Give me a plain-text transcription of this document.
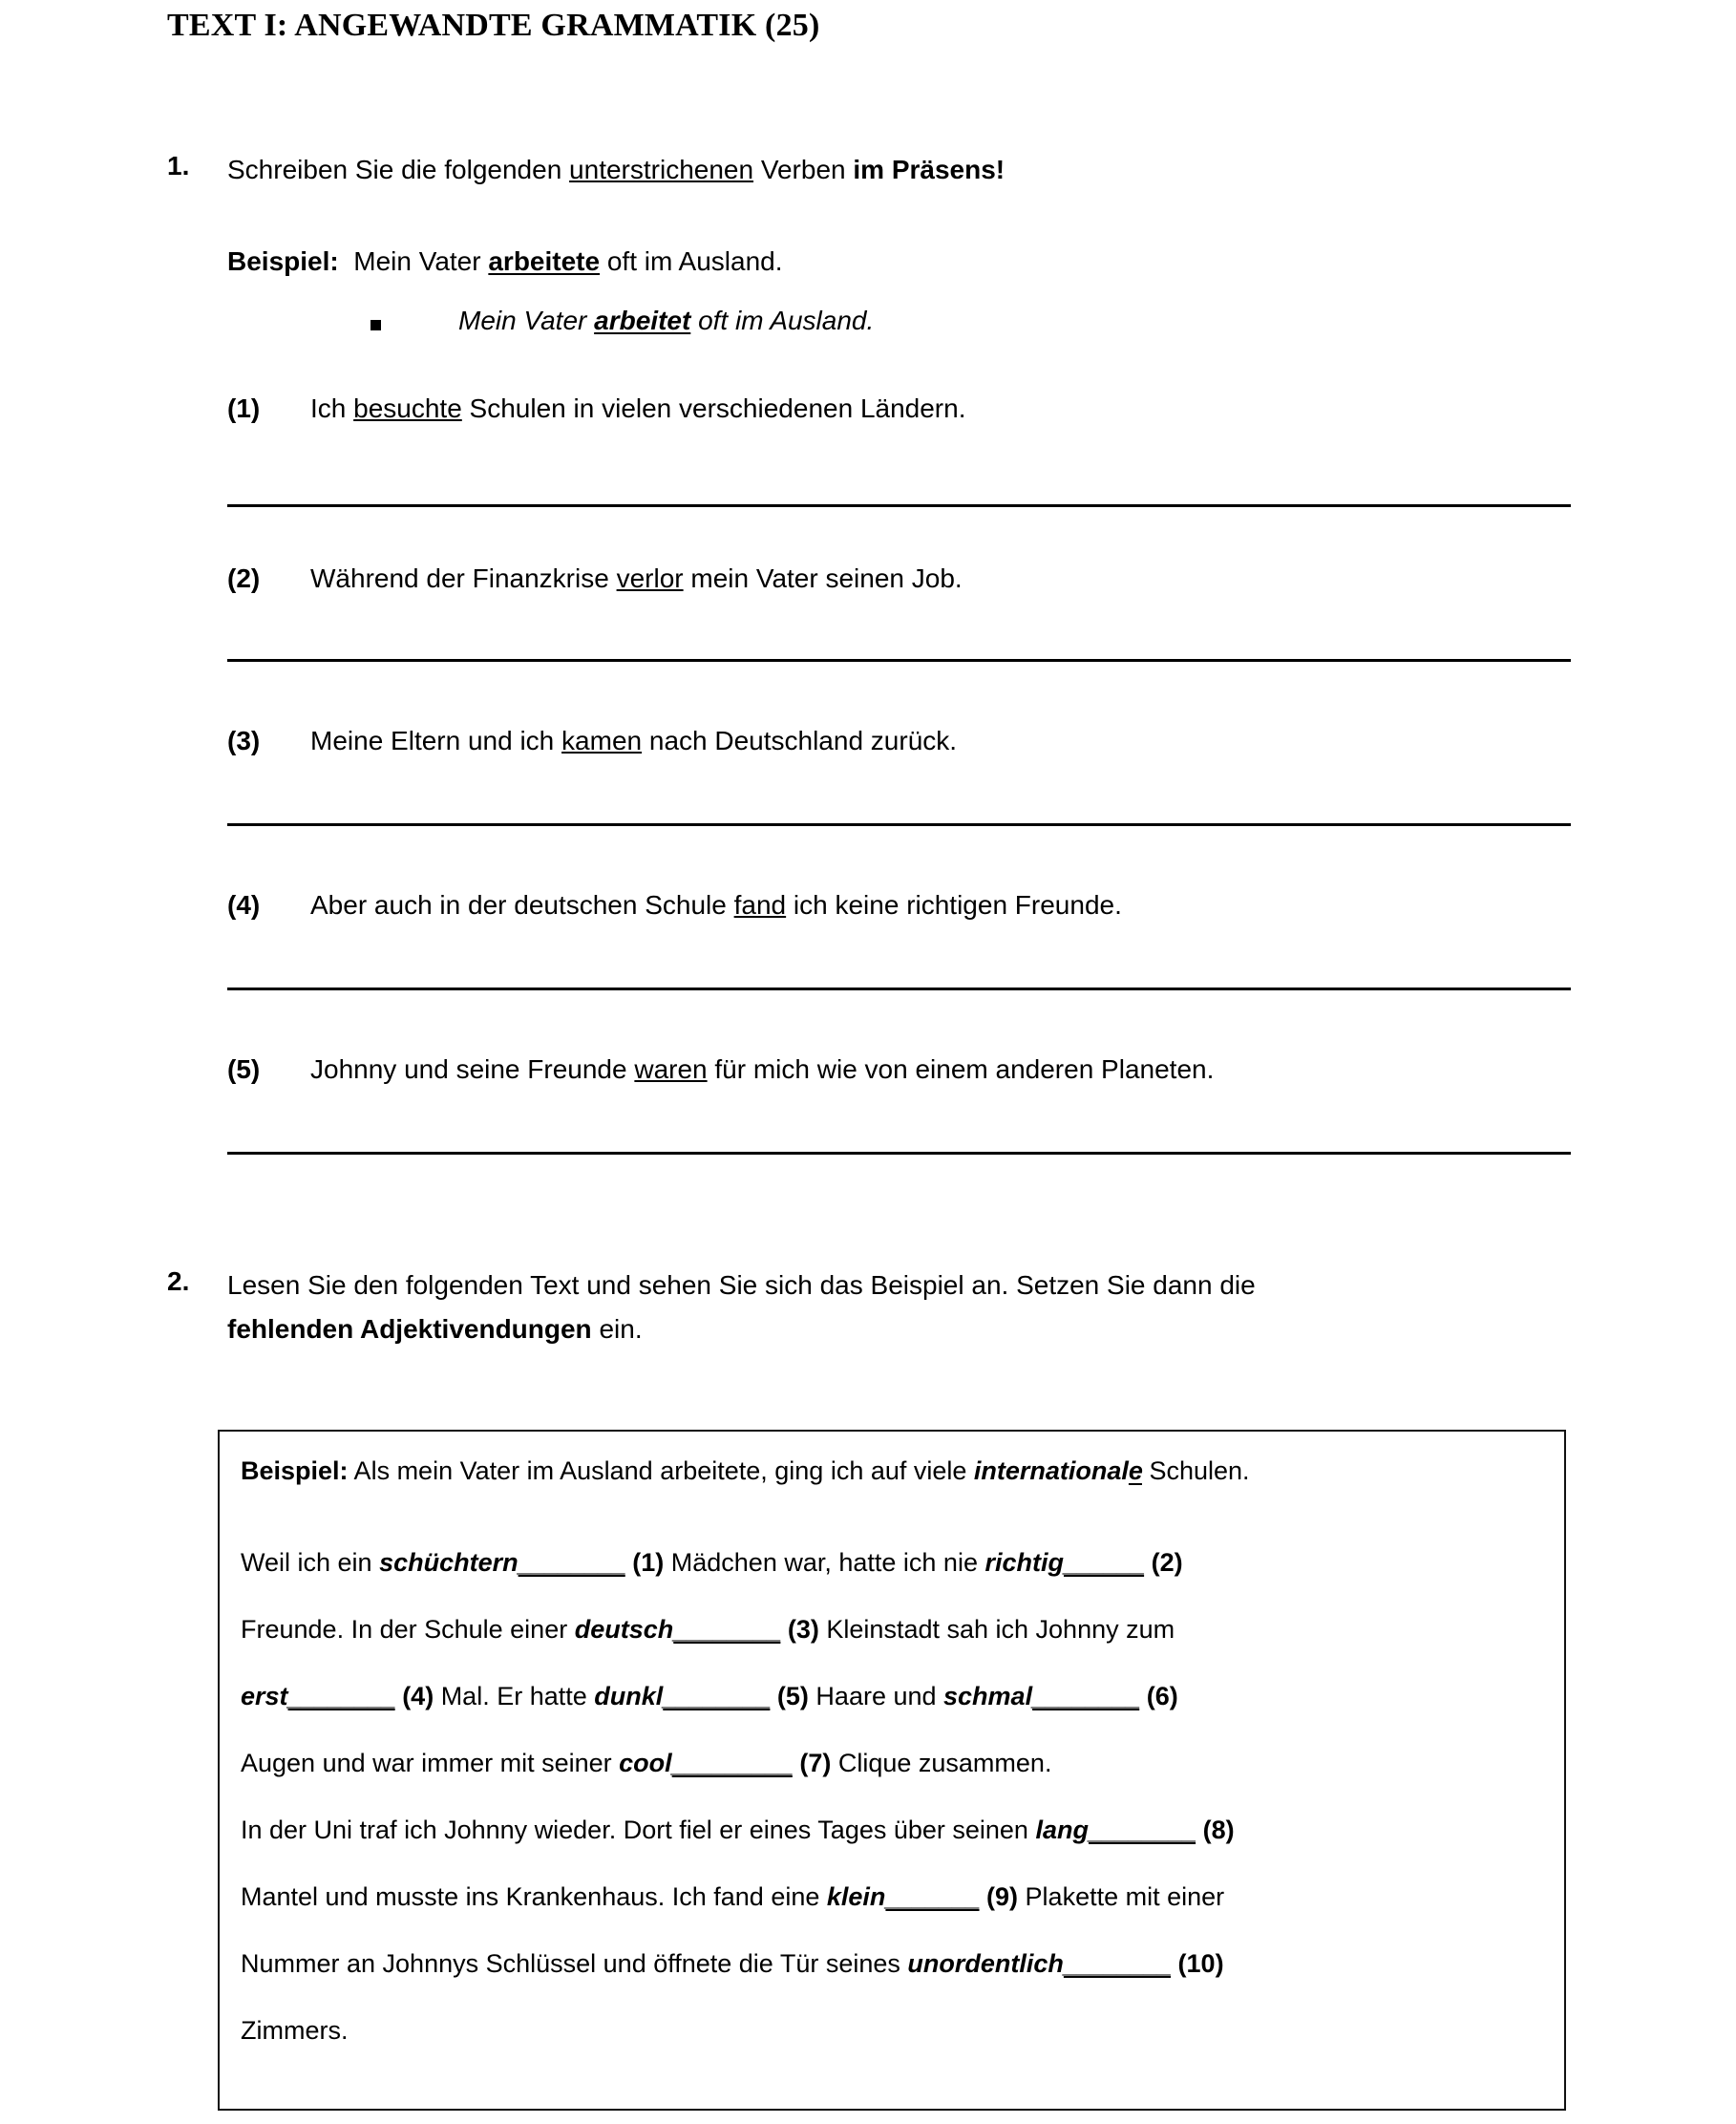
TEXT I: ANGEWANDTE GRAMMATIK (25)
1. Schreiben Sie die folgenden unterstrichenen Verben im Präsens!
Beispiel: Mein Vater arbeitete oft im Ausland.
Mein Vater arbeitet oft im Ausland.
(1) Ich besuchte Schulen in vielen verschiedenen Ländern.
(2) Während der Finanzkrise verlor mein Vater seinen Job.
(3) Meine Eltern und ich kamen nach Deutschland zurück.
(4) Aber auch in der deutschen Schule fand ich keine richtigen Freunde.
(5) Johnny und seine Freunde waren für mich wie von einem anderen Planeten.
2. Lesen Sie den folgenden Text und sehen Sie sich das Beispiel an. Setzen Sie dann die
fehlenden Adjektivendungen ein.
Beispiel: Als mein Vater im Ausland arbeitete, ging ich auf viele internationale Schulen.
Weil ich ein schüchtern________ (1) Mädchen war, hatte ich nie richtig______ (2)
Freunde. In der Schule einer deutsch________ (3) Kleinstadt sah ich Johnny zum
erst________ (4) Mal. Er hatte dunkl________ (5) Haare und schmal________ (6)
Augen und war immer mit seiner cool_________ (7) Clique zusammen.
In der Uni traf ich Johnny wieder. Dort fiel er eines Tages über seinen lang________ (8)
Mantel und musste ins Krankenhaus. Ich fand eine klein_______ (9) Plakette mit einer
Nummer an Johnnys Schlüssel und öffnete die Tür seines unordentlich________ (10)
Zimmers.
